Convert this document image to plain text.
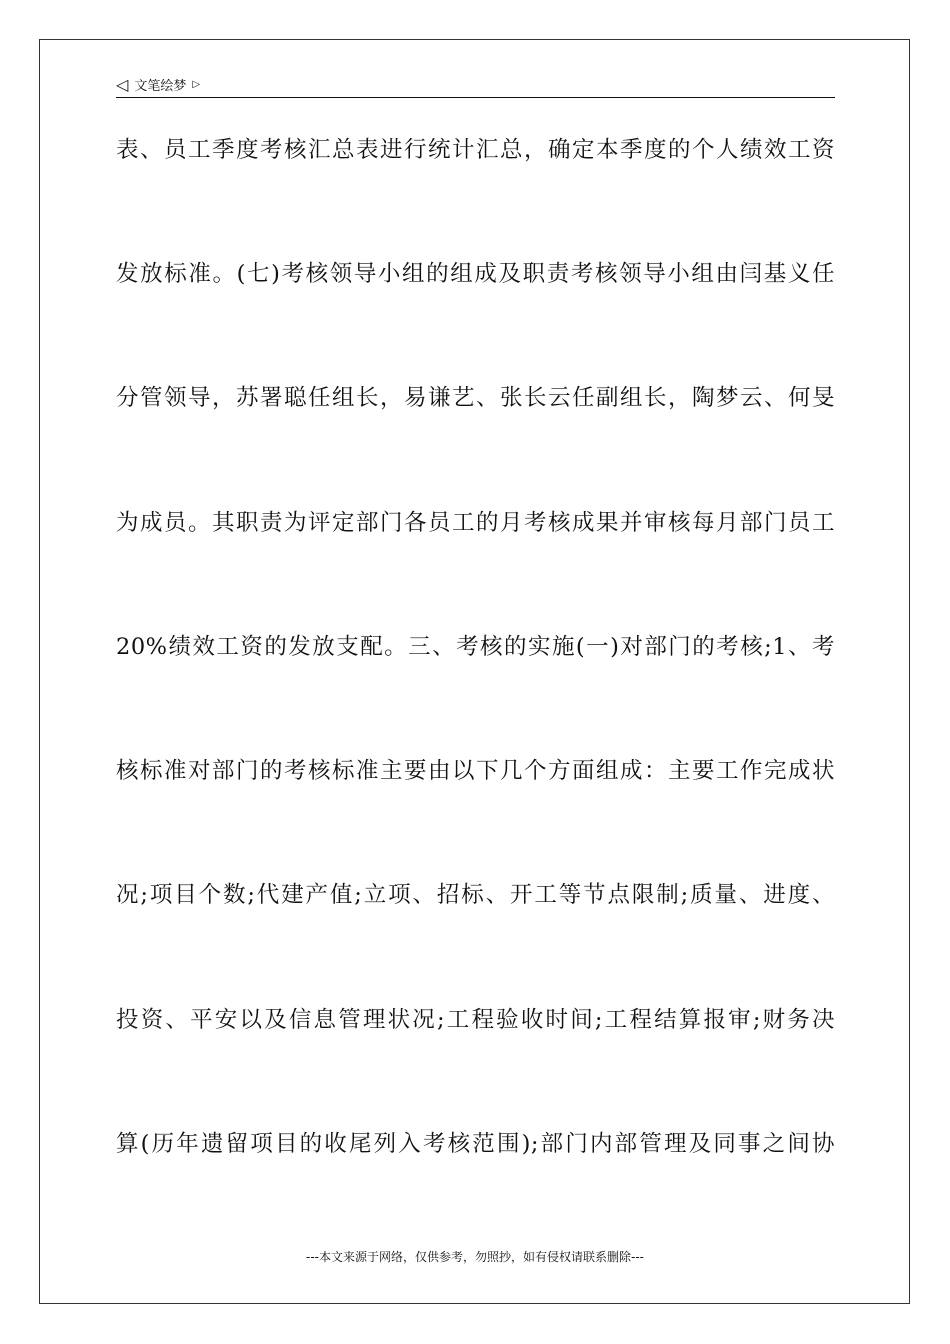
◁ 文笔绘梦 ▷
表、员工季度考核汇总表进行统计汇总，确定本季度的个人绩效工资
发放标准。(七)考核领导小组的组成及职责考核领导小组由闫基义任
分管领导，苏署聪任组长，易谦艺、张长云任副组长，陶梦云、何旻
为成员。其职责为评定部门各员工的月考核成果并审核每月部门员工
20%绩效工资的发放支配。三、考核的实施(一)对部门的考核;1、考
核标准对部门的考核标准主要由以下几个方面组成：主要工作完成状
况;项目个数;代建产值;立项、招标、开工等节点限制;质量、进度、
投资、平安以及信息管理状况;工程验收时间;工程结算报审;财务决
算(历年遗留项目的收尾列入考核范围);部门内部管理及同事之间协
---本文来源于网络，仅供参考，勿照抄，如有侵权请联系删除---
